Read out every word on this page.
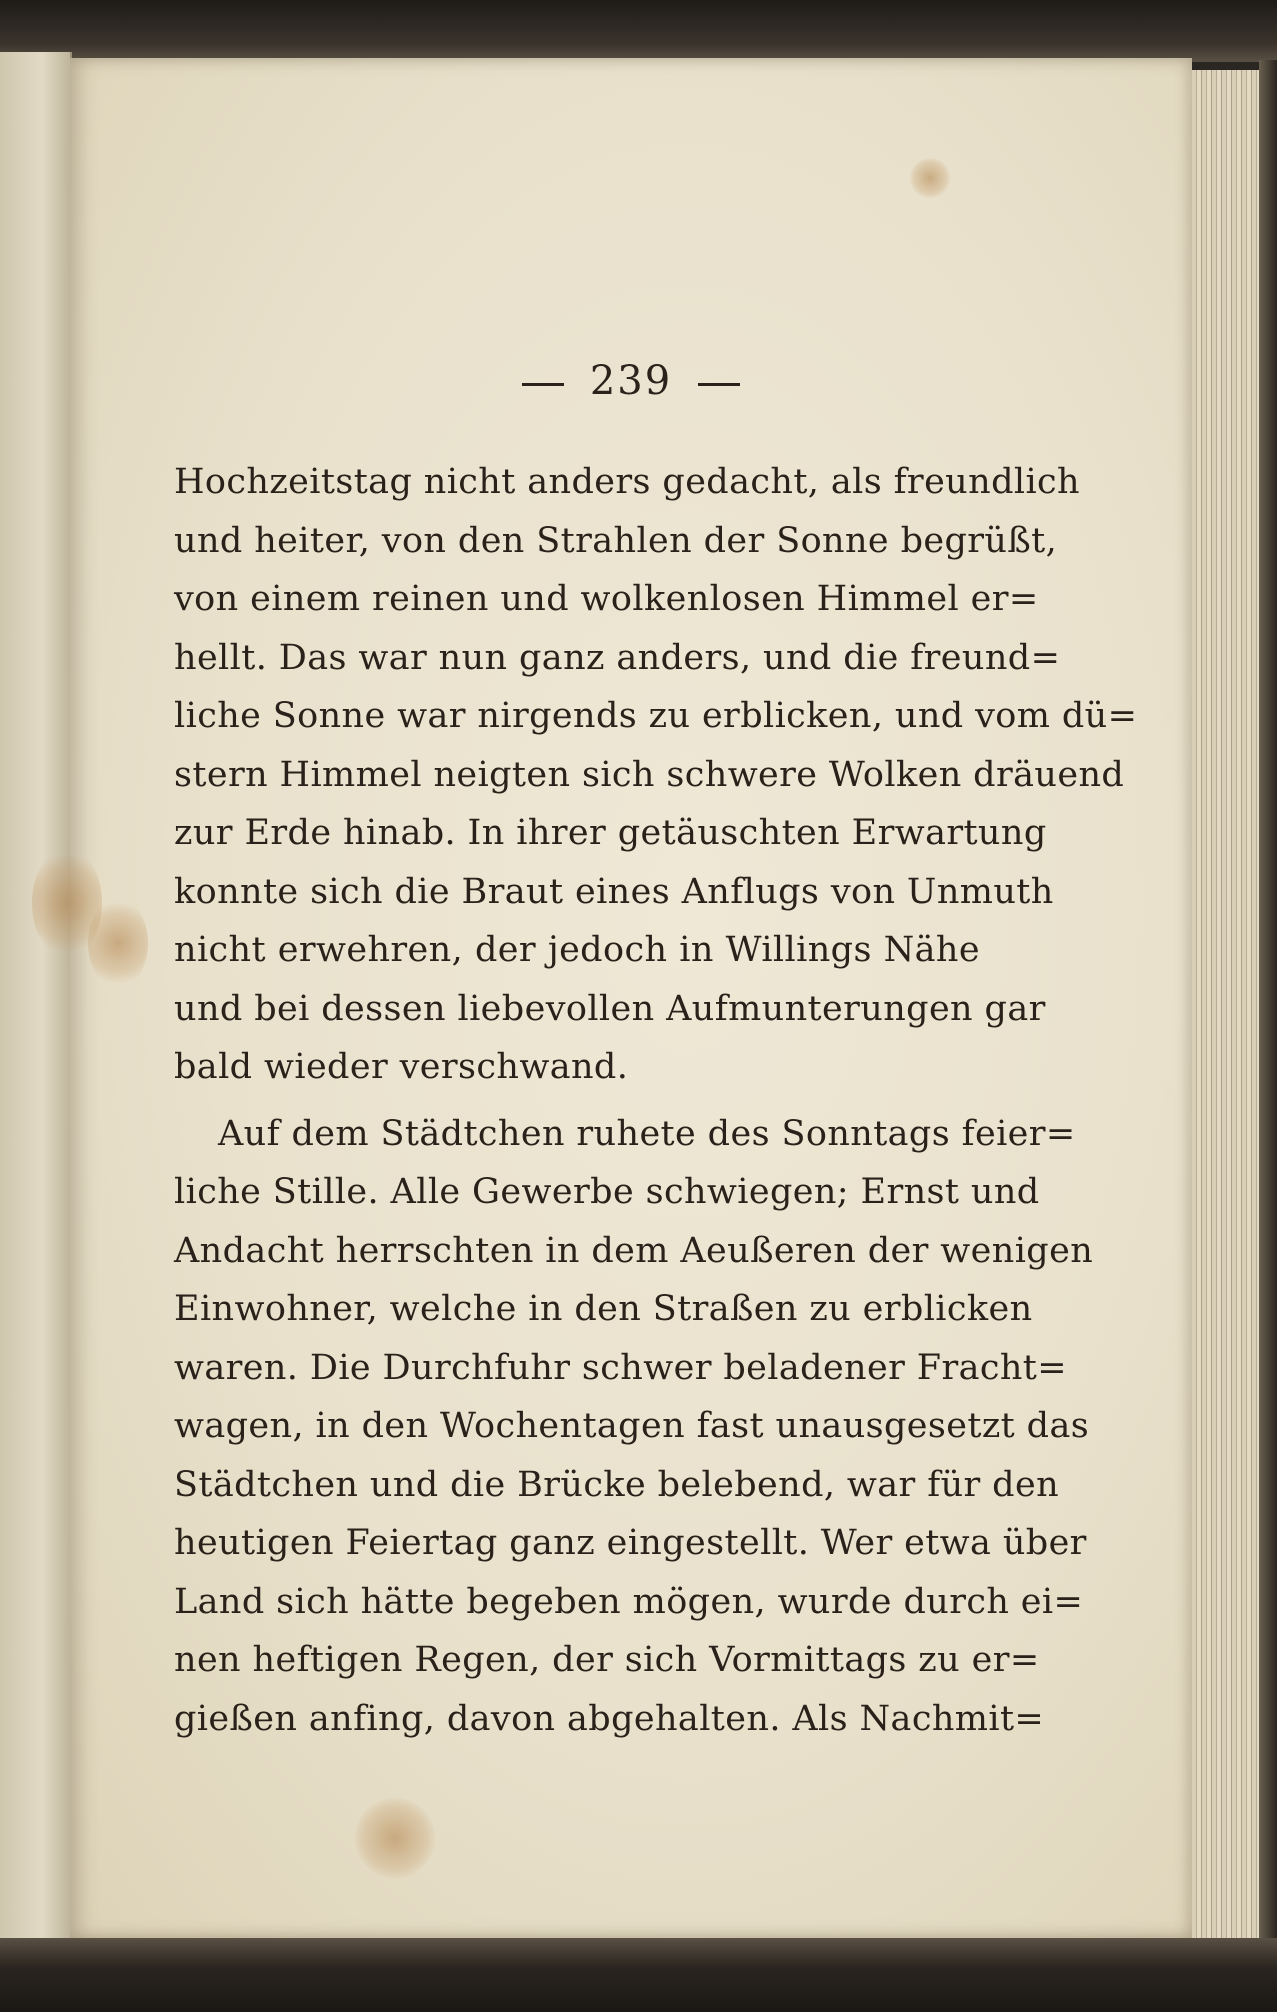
239
Hochzeitstag nicht anders gedacht, als freundlich
und heiter, von den Strahlen der Sonne begrüßt,
von einem reinen und wolkenlosen Himmel er=
hellt. Das war nun ganz anders, und die freund=
liche Sonne war nirgends zu erblicken, und vom dü=
stern Himmel neigten sich schwere Wolken dräuend
zur Erde hinab. In ihrer getäuschten Erwartung
konnte sich die Braut eines Anflugs von Unmuth
nicht erwehren, der jedoch in Willings Nähe
und bei dessen liebevollen Aufmunterungen gar
bald wieder verschwand.
Auf dem Städtchen ruhete des Sonntags feier=
liche Stille. Alle Gewerbe schwiegen; Ernst und
Andacht herrschten in dem Aeußeren der wenigen
Einwohner, welche in den Straßen zu erblicken
waren. Die Durchfuhr schwer beladener Fracht=
wagen, in den Wochentagen fast unausgesetzt das
Städtchen und die Brücke belebend, war für den
heutigen Feiertag ganz eingestellt. Wer etwa über
Land sich hätte begeben mögen, wurde durch ei=
nen heftigen Regen, der sich Vormittags zu er=
gießen anfing, davon abgehalten. Als Nachmit=
